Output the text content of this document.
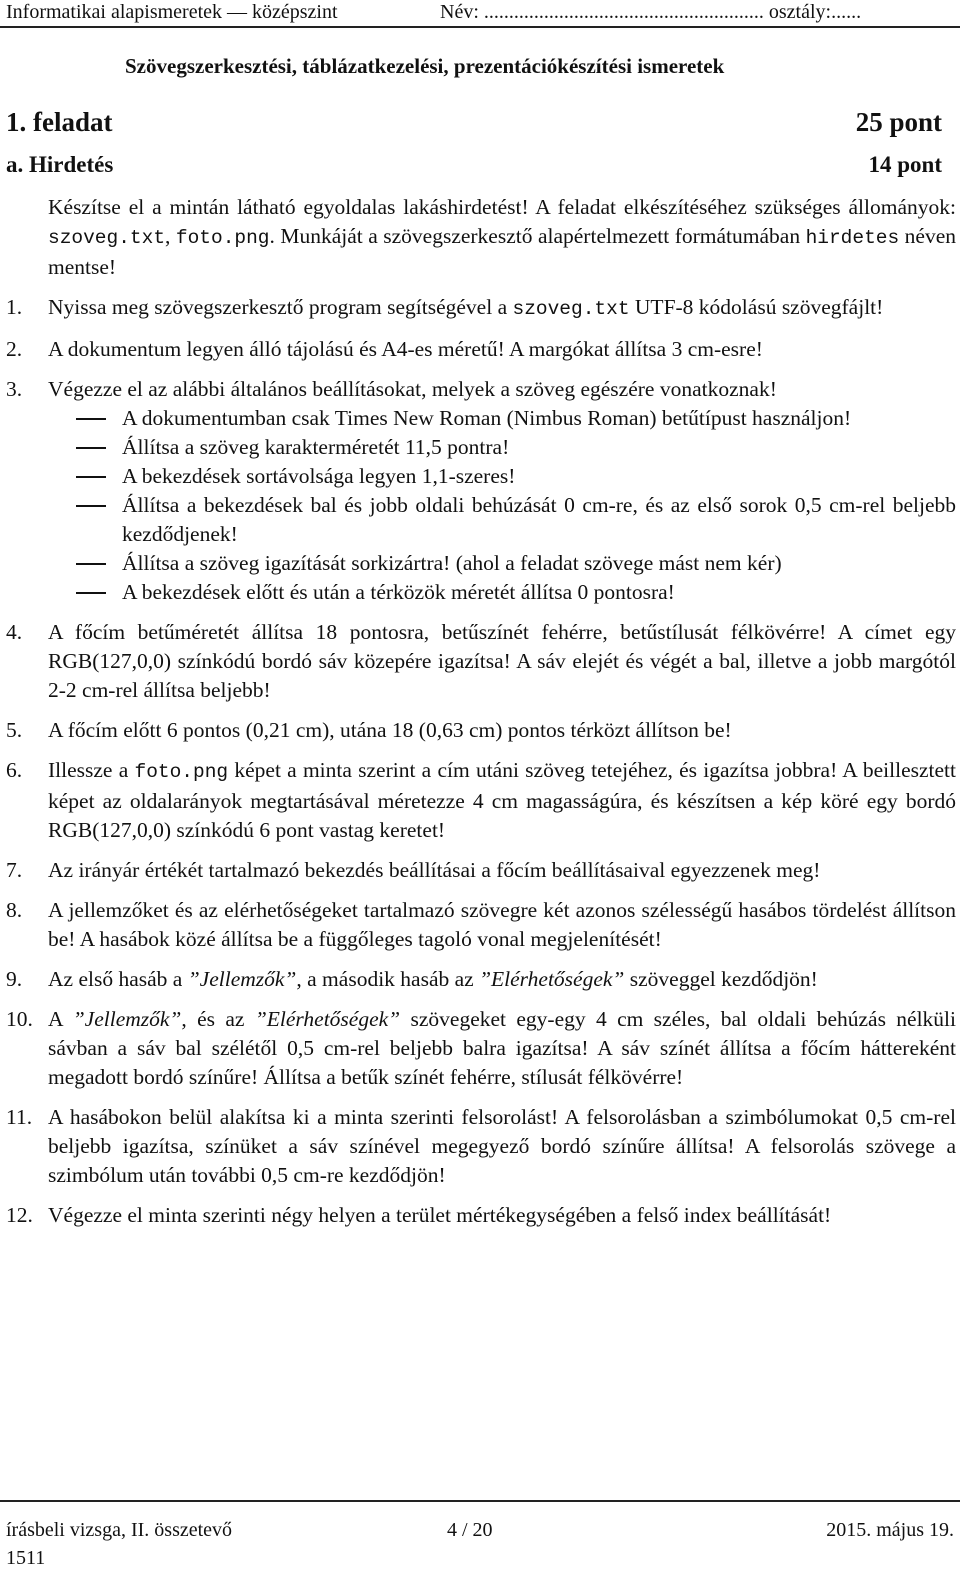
Informatikai alapismeretek — középszint	Név: ........................................................ osztály:......
Szövegszerkesztési, táblázatkezelési, prezentációkészítési ismeretek
1. feladat	25 pont
a. Hirdetés	14 pont

Készítse el a mintán látható egyoldalas lakáshirdetést! A feladat elkészítéséhez szükséges állományok: szoveg.txt, foto.png. Munkáját a szövegszerkesztő alapértelmezett formátumában hirdetes néven mentse!

1.	Nyissa meg szövegszerkesztő program segítségével a szoveg.txt UTF-8 kódolású szövegfájlt!
2.	A dokumentum legyen álló tájolású és A4-es méretű! A margókat állítsa 3 cm-esre!
3.	Végezze el az alábbi általános beállításokat, melyek a szöveg egészére vonatkoznak!
A dokumentumban csak Times New Roman (Nimbus Roman) betűtípust használjon!
Állítsa a szöveg karakterméretét 11,5 pontra!
A bekezdések sortávolsága legyen 1,1-szeres!
Állítsa a bekezdések bal és jobb oldali behúzását 0 cm-re, és az első sorok 0,5 cm-rel beljebb kezdődjenek!
Állítsa a szöveg igazítását sorkizártra! (ahol a feladat szövege mást nem kér)
A bekezdések előtt és után a térközök méretét állítsa 0 pontosra!
4.	A főcím betűméretét állítsa 18 pontosra, betűszínét fehérre, betűstílusát félkövérre! A címet egy RGB(127,0,0) színkódú bordó sáv közepére igazítsa! A sáv elejét és végét a bal, illetve a jobb margótól 2-2 cm-rel állítsa beljebb!
5.	A főcím előtt 6 pontos (0,21 cm), utána 18 (0,63 cm) pontos térközt állítson be!
6.	Illessze a foto.png képet a minta szerint a cím utáni szöveg tetejéhez, és igazítsa jobbra! A beillesztett képet az oldalarányok megtartásával méretezze 4 cm magasságúra, és készítsen a kép köré egy bordó RGB(127,0,0) színkódú 6 pont vastag keretet!
7.	Az irányár értékét tartalmazó bekezdés beállításai a főcím beállításaival egyezzenek meg!
8.	A jellemzőket és az elérhetőségeket tartalmazó szövegre két azonos szélességű hasábos tördelést állítson be! A hasábok közé állítsa be a függőleges tagoló vonal megjelenítését!
9.	Az első hasáb a ”Jellemzők”, a második hasáb az ”Elérhetőségek” szöveggel kezdődjön!
10. A ”Jellemzők”, és az ”Elérhetőségek” szövegeket egy-egy 4 cm széles, bal oldali behúzás nélküli sávban a sáv bal szélétől 0,5 cm-rel beljebb balra igazítsa! A sáv színét állítsa a főcím háttereként megadott bordó színűre! Állítsa a betűk színét fehérre, stílusát félkövérre!
11. A hasábokon belül alakítsa ki a minta szerinti felsorolást! A felsorolásban a szimbólumokat 0,5 cm-rel beljebb igazítsa, színüket a sáv színével megegyező bordó színűre állítsa! A felsorolás szövege a szimbólum után további 0,5 cm-re kezdődjön!
12. Végezze el minta szerinti négy helyen a terület mértékegységében a felső index beállítását!
írásbeli vizsga, II. összetevő	4 / 20	2015. május 19.
1511
